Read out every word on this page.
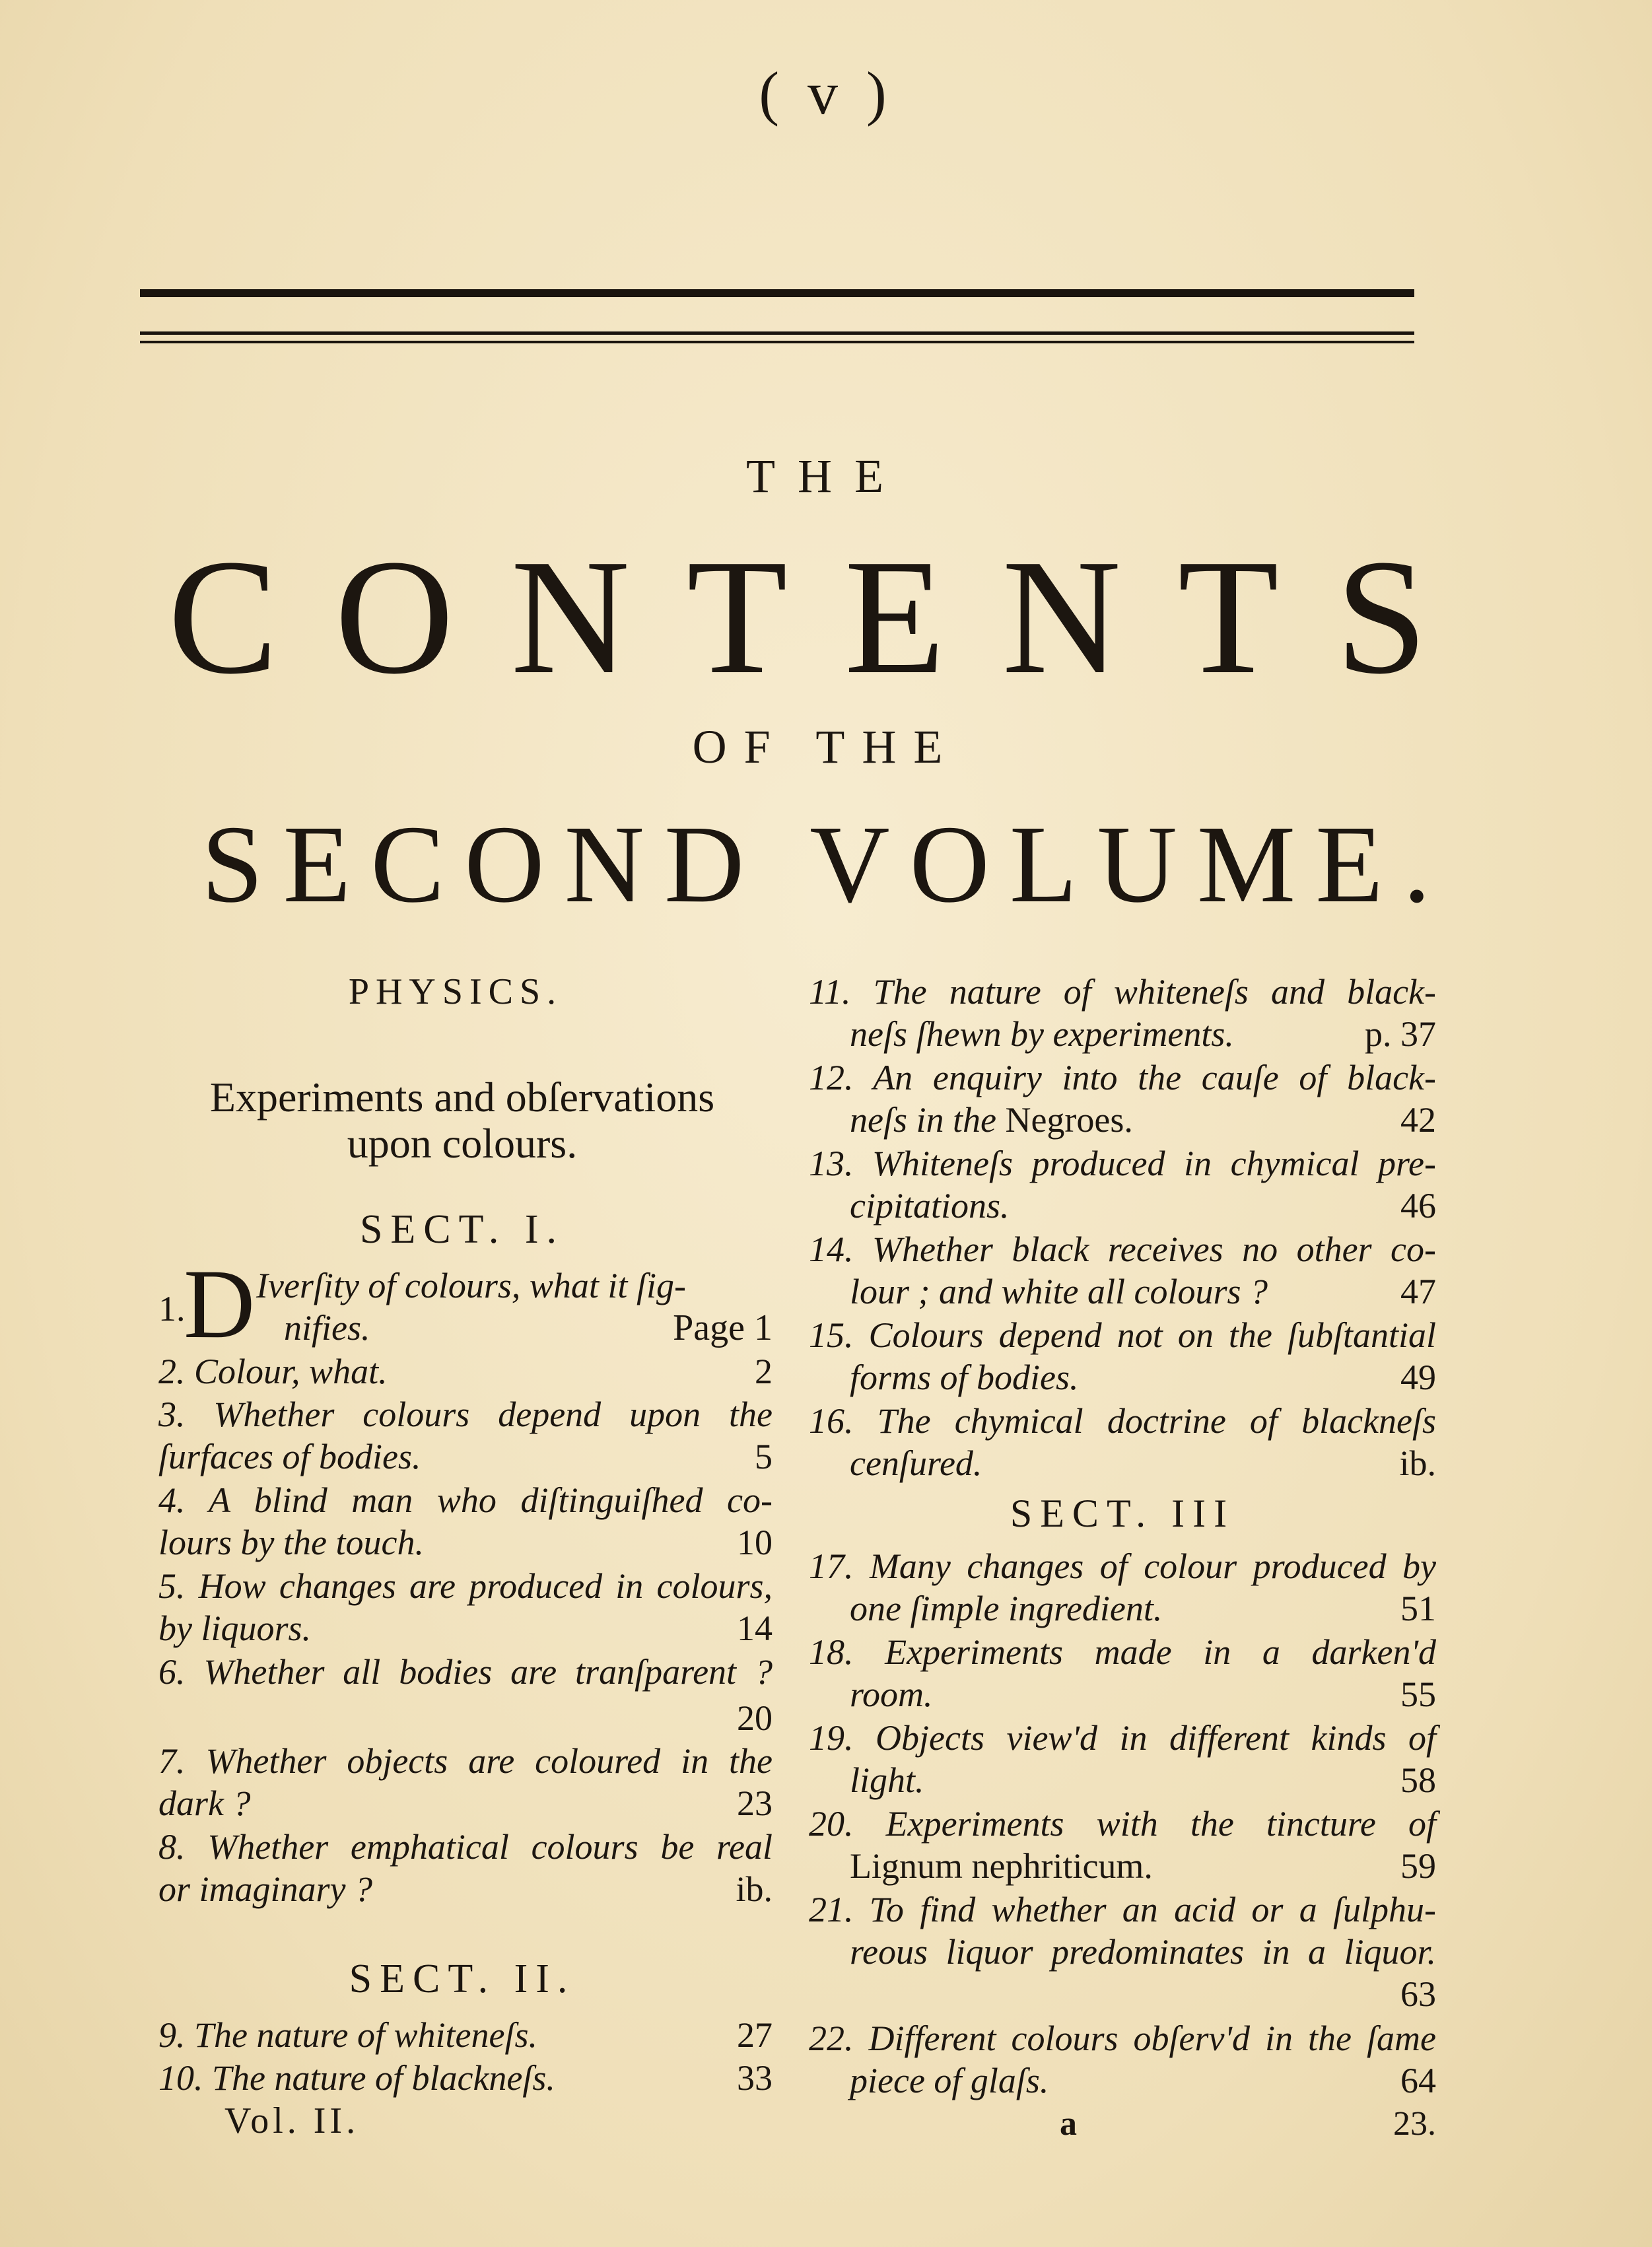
( v )
THE
CONTENTS
OF THE
SECOND VOLUME.
PHYSICS.
Experiments and obſervations
upon colours.
SECT. I.
1.
D Iverſity of colours, what it ſig-
nifies.	Page 1
2. Colour, what.	2
3. Whether colours depend upon the
ſurfaces of bodies.	5
4. A blind man who diſtinguiſhed co-
lours by the touch.	10
5. How changes are produced in colours,
by liquors.	14
6. Whether all bodies are tranſparent ?
20
7. Whether objects are coloured in the
dark ?	23
8. Whether emphatical colours be real
or imaginary ?	ib.
SECT. II.
9. The nature of whiteneſs.	27
10. The nature of blackneſs.	33
Vol. II.
11. The nature of whiteneſs and black-
neſs ſhewn by experiments.	p. 37
12. An enquiry into the cauſe of black-
neſs in the Negroes.	42
13. Whiteneſs produced in chymical pre-
cipitations.	46
14. Whether black receives no other co-
lour ; and white all colours ?	47
15. Colours depend not on the ſubſtantial
forms of bodies.	49
16. The chymical doctrine of blackneſs
cenſured.	ib.
SECT. III
17. Many changes of colour produced by
one ſimple ingredient.	51
18. Experiments made in a darken'd
room.	55
19. Objects view'd in different kinds of
light.	58
20. Experiments with the tincture of
Lignum nephriticum.	59
21. To find whether an acid or a ſulphu-
reous liquor predominates in a liquor.
63
22. Different colours obſerv'd in the ſame
piece of glaſs.	64
a	23.
